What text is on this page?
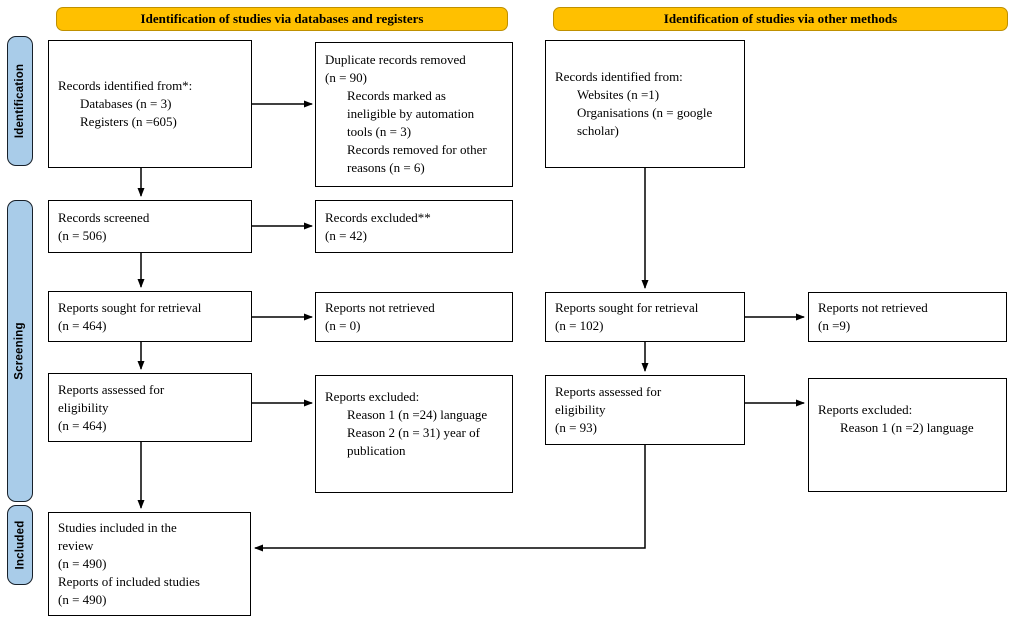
Identification of studies via databases and registers	Identification of studies via other methods
Identification
Screening
Included
Records identified from*:
Databases (n = 3)
Registers (n =605)
Duplicate records removed
(n = 90)
Records marked as
ineligible by automation
tools (n = 3)
Records removed for other
reasons (n = 6)
Records screened
(n = 506)
Records excluded**
(n = 42)
Reports sought for retrieval
(n = 464)
Reports not retrieved
(n = 0)
Reports assessed for
eligibility
(n = 464)
Reports excluded:
Reason 1 (n =24) language
Reason 2 (n = 31) year of
publication
Studies included in the
review
(n = 490)
Reports of included studies
(n = 490)
Records identified from:
Websites (n =1)
Organisations (n = google
scholar)
Reports sought for retrieval
(n = 102)
Reports not retrieved
(n =9)
Reports assessed for
eligibility
(n = 93)
Reports excluded:
Reason 1 (n =2) language
